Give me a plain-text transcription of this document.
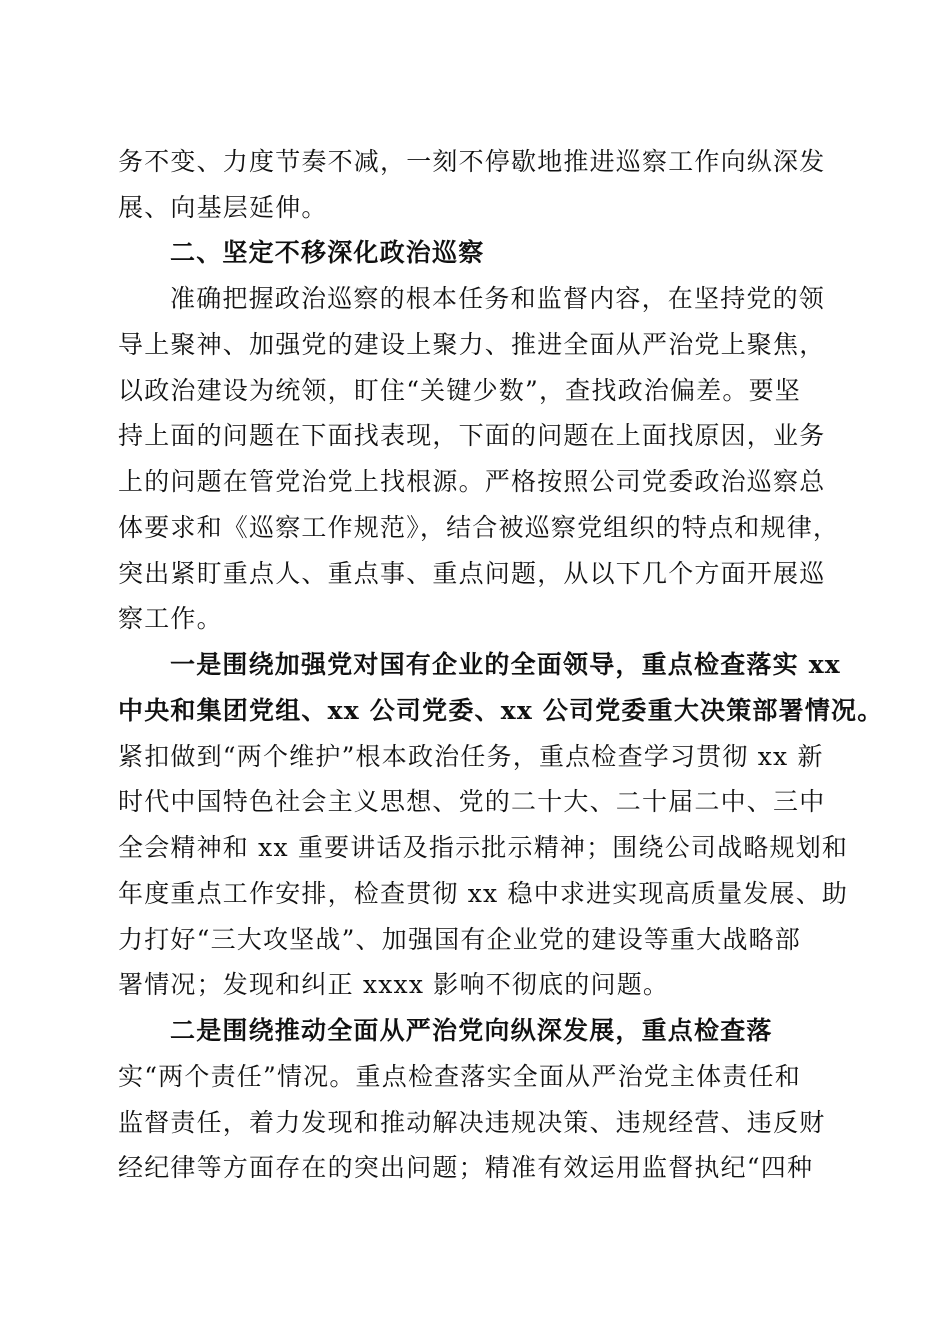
务不变、力度节奏不减，一刻不停歇地推进巡察工作向纵深发
展、向基层延伸。
二、坚定不移深化政治巡察
准确把握政治巡察的根本任务和监督内容，在坚持党的领
导上聚神、加强党的建设上聚力、推进全面从严治党上聚焦，
以政治建设为统领，盯住“关键少数”，查找政治偏差。要坚
持上面的问题在下面找表现，下面的问题在上面找原因，业务
上的问题在管党治党上找根源。严格按照公司党委政治巡察总
体要求和《巡察工作规范》，结合被巡察党组织的特点和规律，
突出紧盯重点人、重点事、重点问题，从以下几个方面开展巡
察工作。
一是围绕加强党对国有企业的全面领导，重点检查落实 xx
中央和集团党组、xx 公司党委、xx 公司党委重大决策部署情况。
紧扣做到“两个维护”根本政治任务，重点检查学习贯彻 xx 新
时代中国特色社会主义思想、党的二十大、二十届二中、三中
全会精神和 xx 重要讲话及指示批示精神；围绕公司战略规划和
年度重点工作安排，检查贯彻 xx 稳中求进实现高质量发展、助
力打好“三大攻坚战”、加强国有企业党的建设等重大战略部
署情况；发现和纠正 xxxx 影响不彻底的问题。
二是围绕推动全面从严治党向纵深发展，重点检查落
实“两个责任”情况。重点检查落实全面从严治党主体责任和
监督责任，着力发现和推动解决违规决策、违规经营、违反财
经纪律等方面存在的突出问题；精准有效运用监督执纪“四种
